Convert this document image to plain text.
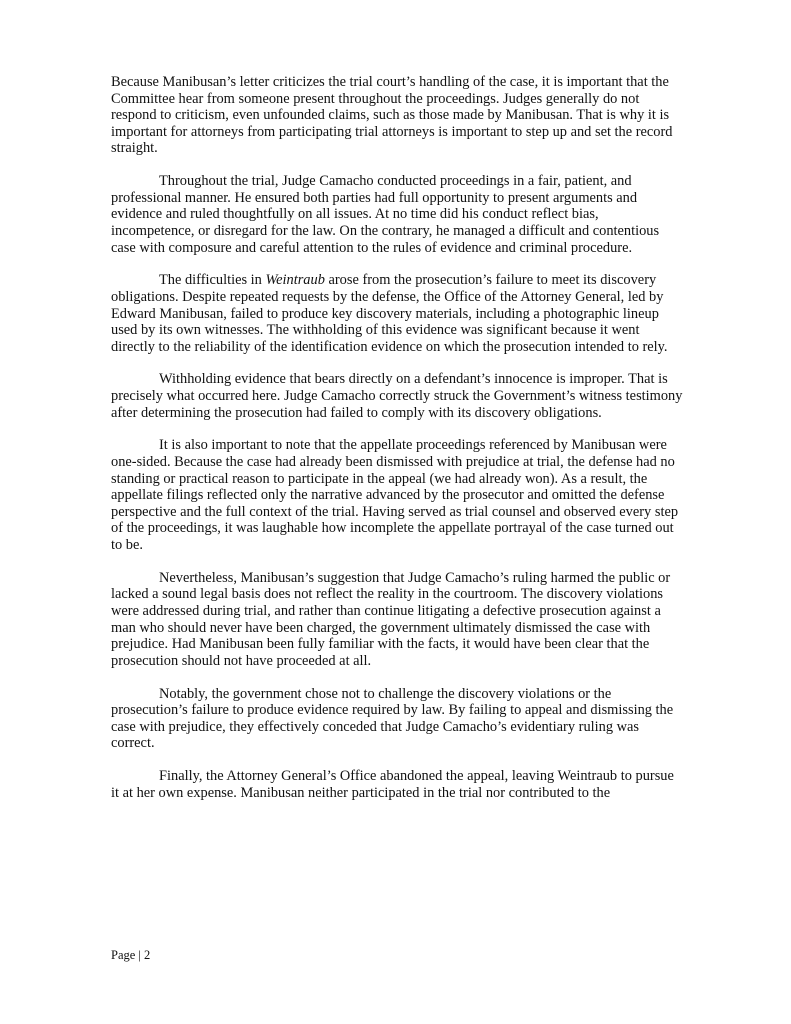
Because Manibusan’s letter criticizes the trial court’s handling of the case, it is important that the Committee hear from someone present throughout the proceedings. Judges generally do not respond to criticism, even unfounded claims, such as those made by Manibusan. That is why it is important for attorneys from participating trial attorneys is important to step up and set the record straight.

Throughout the trial, Judge Camacho conducted proceedings in a fair, patient, and professional manner. He ensured both parties had full opportunity to present arguments and evidence and ruled thoughtfully on all issues. At no time did his conduct reflect bias, incompetence, or disregard for the law. On the contrary, he managed a difficult and contentious case with composure and careful attention to the rules of evidence and criminal procedure.

The difficulties in Weintraub arose from the prosecution’s failure to meet its discovery obligations. Despite repeated requests by the defense, the Office of the Attorney General, led by Edward Manibusan, failed to produce key discovery materials, including a photographic lineup used by its own witnesses. The withholding of this evidence was significant because it went directly to the reliability of the identification evidence on which the prosecution intended to rely.

Withholding evidence that bears directly on a defendant’s innocence is improper. That is precisely what occurred here. Judge Camacho correctly struck the Government’s witness testimony after determining the prosecution had failed to comply with its discovery obligations.

It is also important to note that the appellate proceedings referenced by Manibusan were one-sided. Because the case had already been dismissed with prejudice at trial, the defense had no standing or practical reason to participate in the appeal (we had already won). As a result, the appellate filings reflected only the narrative advanced by the prosecutor and omitted the defense perspective and the full context of the trial. Having served as trial counsel and observed every step of the proceedings, it was laughable how incomplete the appellate portrayal of the case turned out to be.

Nevertheless, Manibusan’s suggestion that Judge Camacho’s ruling harmed the public or lacked a sound legal basis does not reflect the reality in the courtroom. The discovery violations were addressed during trial, and rather than continue litigating a defective prosecution against a man who should never have been charged, the government ultimately dismissed the case with prejudice. Had Manibusan been fully familiar with the facts, it would have been clear that the prosecution should not have proceeded at all.

Notably, the government chose not to challenge the discovery violations or the prosecution’s failure to produce evidence required by law. By failing to appeal and dismissing the case with prejudice, they effectively conceded that Judge Camacho’s evidentiary ruling was correct.

Finally, the Attorney General’s Office abandoned the appeal, leaving Weintraub to pursue it at her own expense. Manibusan neither participated in the trial nor contributed to the

Page | 2
